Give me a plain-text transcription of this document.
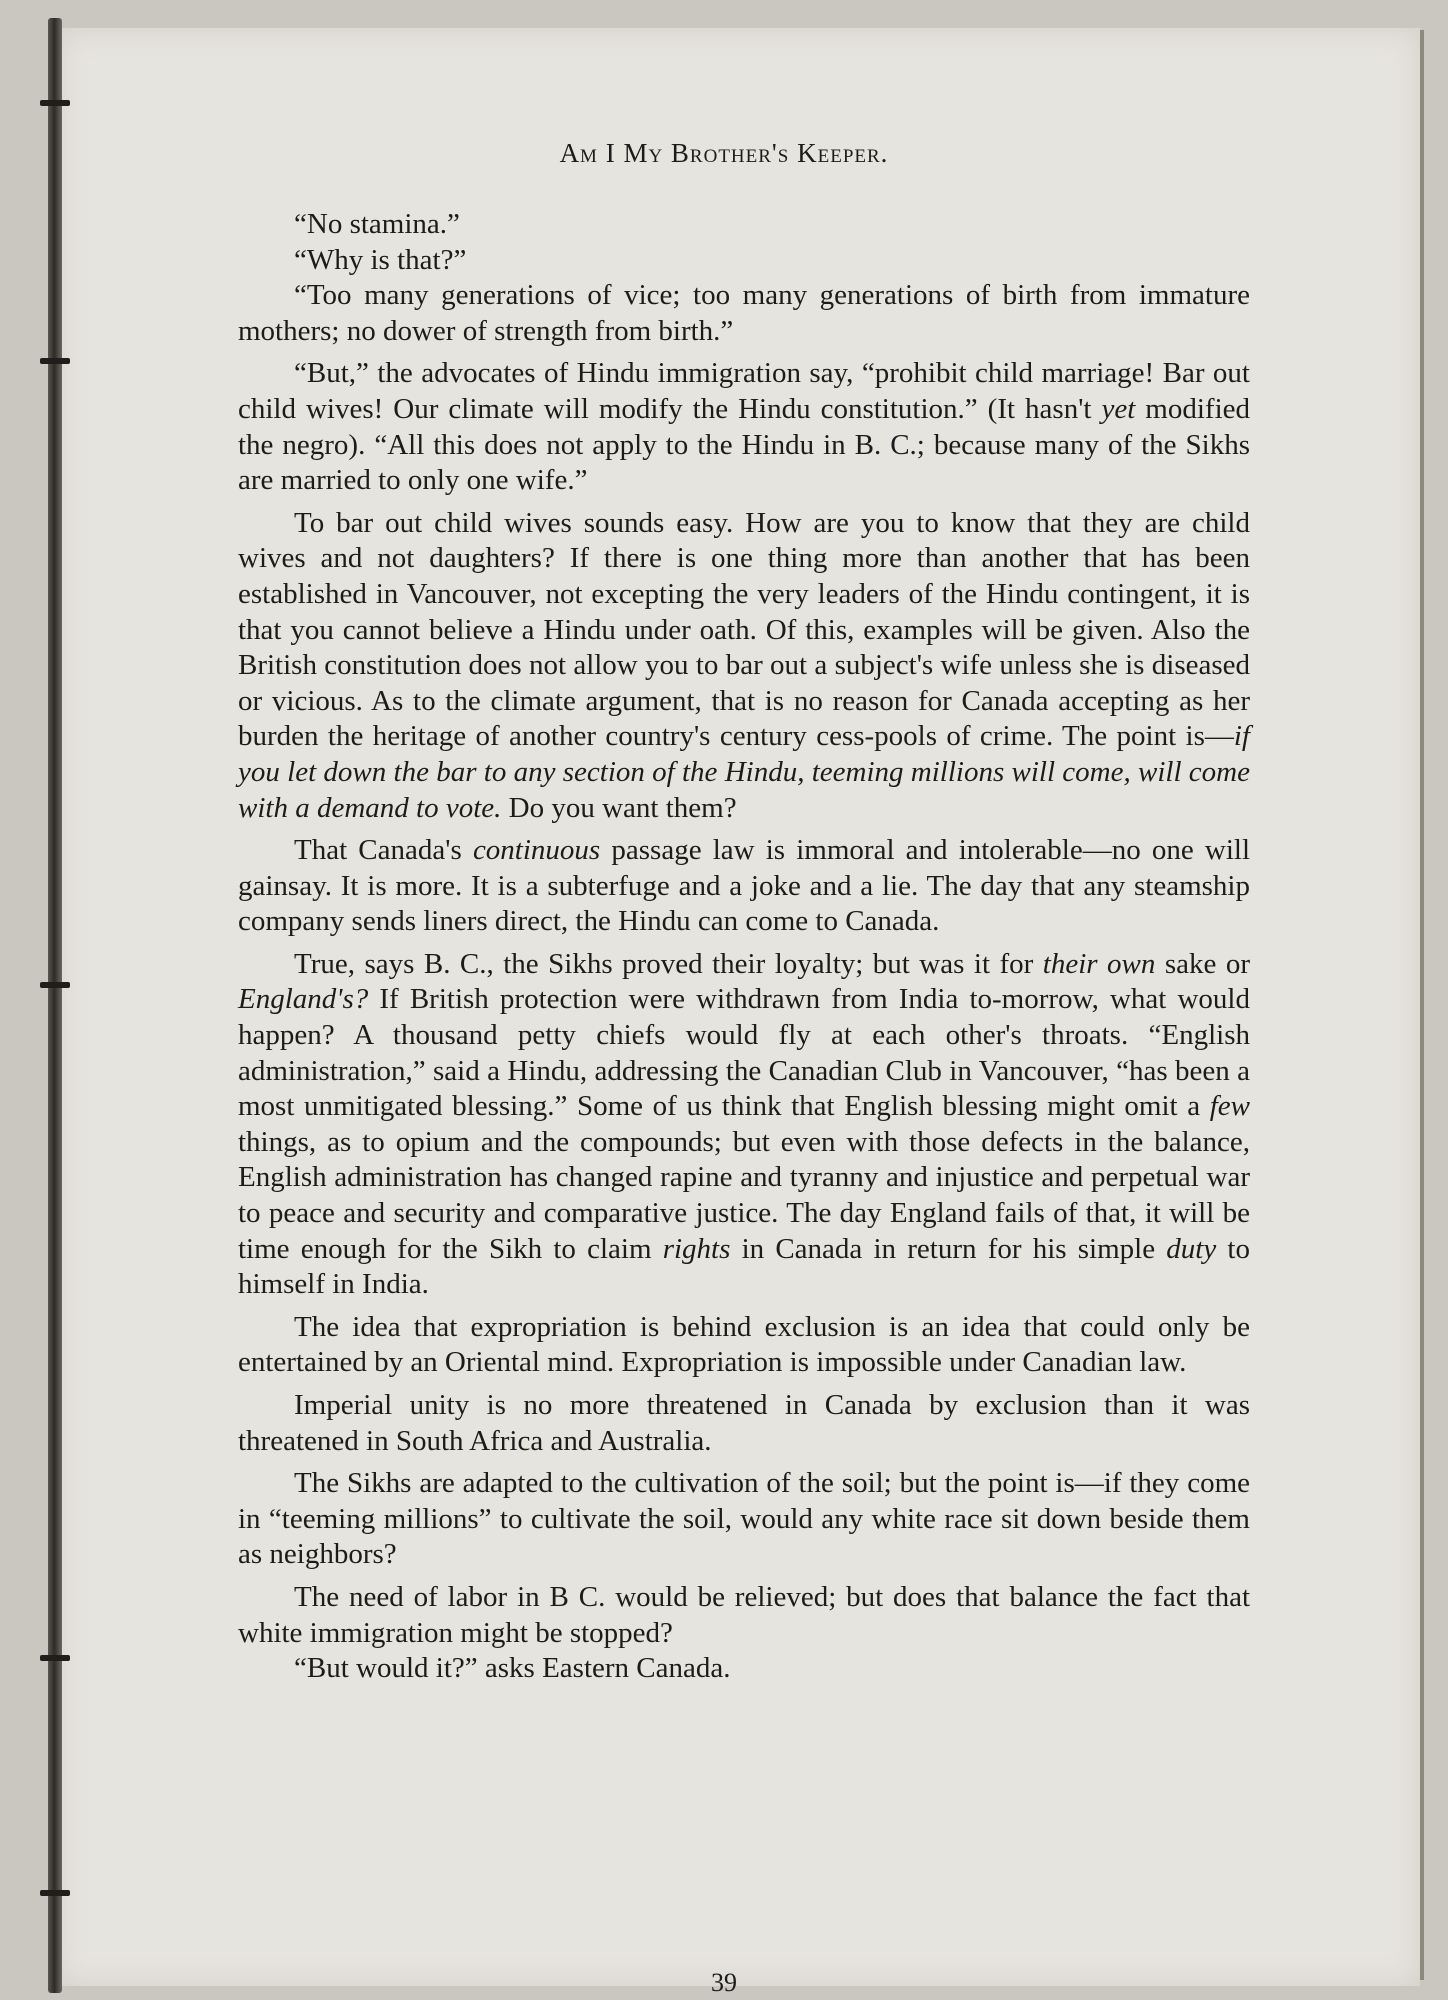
Am I My Brother's Keeper.

“No stamina.”

“Why is that?”

“Too many generations of vice; too many generations of birth from immature mothers; no dower of strength from birth.”

“But,” the advocates of Hindu immigration say, “prohibit child marriage! Bar out child wives! Our climate will modify the Hindu constitution.” (It hasn't yet modified the negro). “All this does not apply to the Hindu in B. C.; because many of the Sikhs are married to only one wife.”

To bar out child wives sounds easy. How are you to know that they are child wives and not daughters? If there is one thing more than another that has been established in Vancouver, not excepting the very leaders of the Hindu contingent, it is that you cannot believe a Hindu under oath. Of this, examples will be given. Also the British constitution does not allow you to bar out a subject's wife unless she is diseased or vicious. As to the climate argument, that is no reason for Canada accepting as her burden the heritage of another country's century cess-pools of crime. The point is—if you let down the bar to any section of the Hindu, teeming millions will come, will come with a demand to vote. Do you want them?

That Canada's continuous passage law is immoral and intolerable—no one will gainsay. It is more. It is a subterfuge and a joke and a lie. The day that any steamship company sends liners direct, the Hindu can come to Canada.

True, says B. C., the Sikhs proved their loyalty; but was it for their own sake or England's? If British protection were withdrawn from India to-morrow, what would happen? A thousand petty chiefs would fly at each other's throats. “English administration,” said a Hindu, addressing the Canadian Club in Vancouver, “has been a most unmitigated blessing.” Some of us think that English blessing might omit a few things, as to opium and the compounds; but even with those defects in the balance, English administration has changed rapine and tyranny and injustice and perpetual war to peace and security and comparative justice. The day England fails of that, it will be time enough for the Sikh to claim rights in Canada in return for his simple duty to himself in India.

The idea that expropriation is behind exclusion is an idea that could only be entertained by an Oriental mind. Expropriation is impossible under Canadian law.

Imperial unity is no more threatened in Canada by exclusion than it was threatened in South Africa and Australia.

The Sikhs are adapted to the cultivation of the soil; but the point is—if they come in “teeming millions” to cultivate the soil, would any white race sit down beside them as neighbors?

The need of labor in B C. would be relieved; but does that balance the fact that white immigration might be stopped?

“But would it?” asks Eastern Canada.

39
